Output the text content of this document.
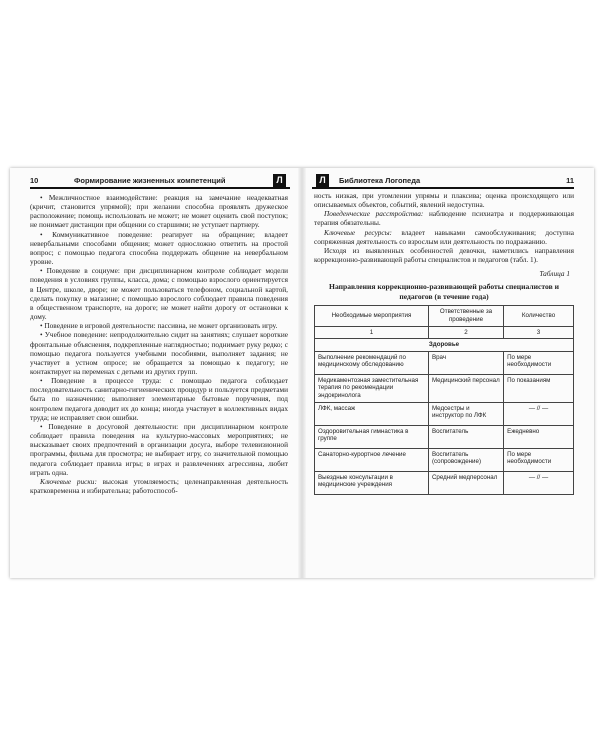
10	Формирование жизненных компетенций	Л

• Межличностное взаимодействие: реакция на замечание неадекватная (кричит, становится упрямой); при желании способна проявлять дружеское расположение; помощь использовать не может; не может оценить свой поступок; не понимает дистанции при общении со старшими; не уступает партнеру.

• Коммуникативное поведение: реагирует на обращение; владеет невербальными способами общения; может односложно ответить на простой вопрос; с помощью педагога способна поддержать общение на невербальном уровне.

• Поведение в социуме: при дисциплинарном контроле соблюдает модели поведения в условиях группы, класса, дома; с помощью взрослого ориентируется в Центре, школе, дворе; не может пользоваться телефоном, социальной картой, сделать покупку в магазине; с помощью взрослого соблюдает правила поведения в общественном транспорте, на дороге; не может найти дорогу от остановки к дому.

• Поведение в игровой деятельности: пассивна, не может организовать игру.

• Учебное поведение: непродолжительно сидит на занятиях; слушает короткие фронтальные объяснения, подкрепленные наглядностью; поднимает руку редко; с помощью педагога пользуется учебными пособиями, выполняет задания; не участвует в устном опросе; не обращается за помощью к педагогу; не контактирует на переменах с детьми из других групп.

• Поведение в процессе труда: с помощью педагога соблюдает последовательность санитарно-гигиенических процедур и пользуется предметами быта по назначению; выполняет элементарные бытовые поручения, под контролем педагога доводит их до конца; иногда участвует в коллективных видах труда; не исправляет свои ошибки.

• Поведение в досуговой деятельности: при дисциплинарном контроле соблюдает правила поведения на культурно-массовых мероприятиях; не высказывает своих предпочтений в организации досуга, выборе телевизионной программы, фильма для просмотра; не выбирает игру, со значительной помощью педагога соблюдает правила игры; в играх и развлечениях агрессивна, любит играть одна.

Ключевые риски: высокая утомляемость; целенаправленная деятельность кратковременна и избирательна; работоспособ-

Л	Библиотека Логопеда	11

ность низкая, при утомлении упрямы и плаксива; оценка происходящего или описываемых объектов, событий, явлений недоступна.

Поведенческие расстройства: наблюдение психиатра и поддерживающая терапия обязательны.

Ключевые ресурсы: владеет навыками самообслуживания; доступна сопряженная деятельность со взрослым или деятельность по подражанию.

Исходя из выявленных особенностей девочки, наметились направления коррекционно-развивающей работы специалистов и педагогов (табл. 1).

Таблица 1
Направления коррекционно-развивающей работы специалистов и педагогов (в течение года)
Необходимые мероприятия	Ответственные за проведение	Количество
1	2	3
Здоровье		
Выполнение рекомендаций по медицинскому обследованию	Врач	По мере необходимости
Медикаментозная заместительная терапия по рекомендации эндокринолога	Медицинский персонал	По показаниям
ЛФК, массаж	Медсестры и инструктор по ЛФК	— // —
Оздоровительная гимнастика в группе	Воспитатель	Ежедневно
Санаторно-курортное лечение	Воспитатель (сопровождение)	По мере необходимости
Выездные консультации в медицинские учреждения	Средний медперсонал	— // —
